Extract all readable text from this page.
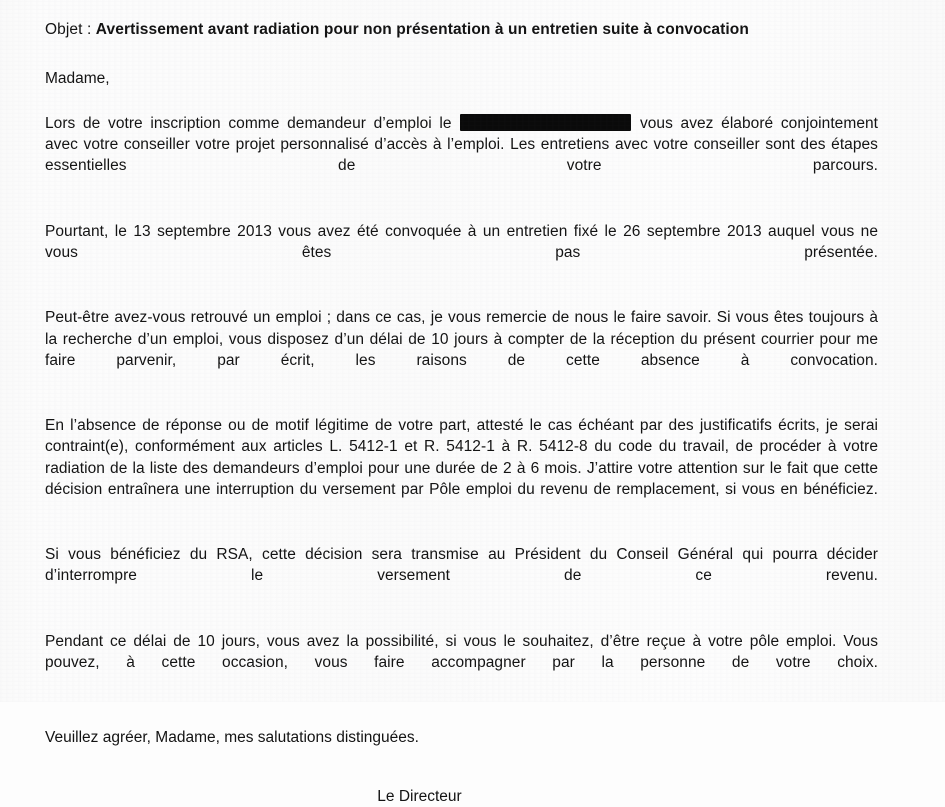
Objet : Avertissement avant radiation pour non présentation à un entretien suite à convocation
Madame,

Lors de votre inscription comme demandeur d’emploi le	vous avez élaboré conjointement avec votre conseiller votre projet personnalisé d’accès à l’emploi. Les entretiens avec votre conseiller sont des étapes essentielles de votre parcours.

Pourtant, le 13 septembre 2013 vous avez été convoquée à un entretien fixé le 26 septembre 2013 auquel vous ne vous êtes pas présentée.

Peut-être avez-vous retrouvé un emploi ; dans ce cas, je vous remercie de nous le faire savoir. Si vous êtes toujours à la recherche d’un emploi, vous disposez d’un délai de 10 jours à compter de la réception du présent courrier pour me faire parvenir, par écrit, les raisons de cette absence à convocation.

En l’absence de réponse ou de motif légitime de votre part, attesté le cas échéant par des justificatifs écrits, je serai contraint(e), conformément aux articles L. 5412-1 et R. 5412-1 à R. 5412-8 du code du travail, de procéder à votre radiation de la liste des demandeurs d’emploi pour une durée de 2 à 6 mois. J’attire votre attention sur le fait que cette décision entraînera une interruption du versement par Pôle emploi du revenu de remplacement, si vous en bénéficiez.

Si vous bénéficiez du RSA, cette décision sera transmise au Président du Conseil Général qui pourra décider d’interrompre le versement de ce revenu.

Pendant ce délai de 10 jours, vous avez la possibilité, si vous le souhaitez, d’être reçue à votre pôle emploi. Vous pouvez, à cette occasion, vous faire accompagner par la personne de votre choix.

Veuillez agréer, Madame, mes salutations distinguées.
Le Directeur
